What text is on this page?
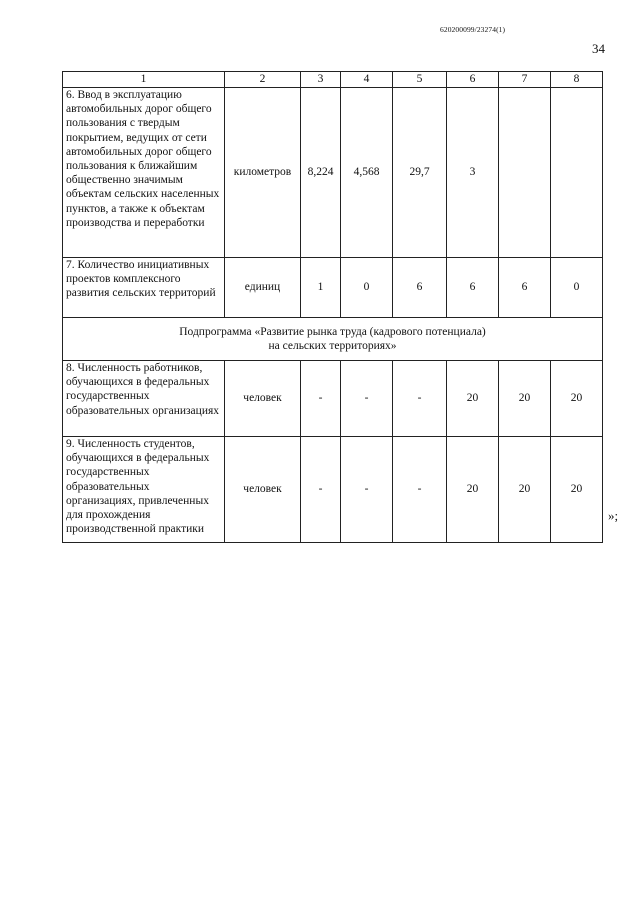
620200099/23274(1)
34
1	2	3	4	5	6	7	8
6. Ввод в эксплуатацию автомобильных дорог общего пользования с твердым покрытием, ведущих от сети автомобильных дорог общего пользования к ближайшим общественно значимым объектам сельских населенных пунктов, а также к объектам производства и переработки	километров	8,224	4,568	29,7	3		
7. Количество инициативных проектов комплексного развития сельских территорий	единиц	1	0	6	6	6	0

Подпрограмма «Развитие рынка труда (кадрового потенциала)
на сельских территориях»							

8. Численность работников, обучающихся в федеральных государственных образовательных организациях	человек	-	-	-	20	20	20
9. Численность студентов, обучающихся в федеральных государственных образовательных организациях, привлеченных для прохождения производственной практики	человек	-	-	-	20	20	20
»;
